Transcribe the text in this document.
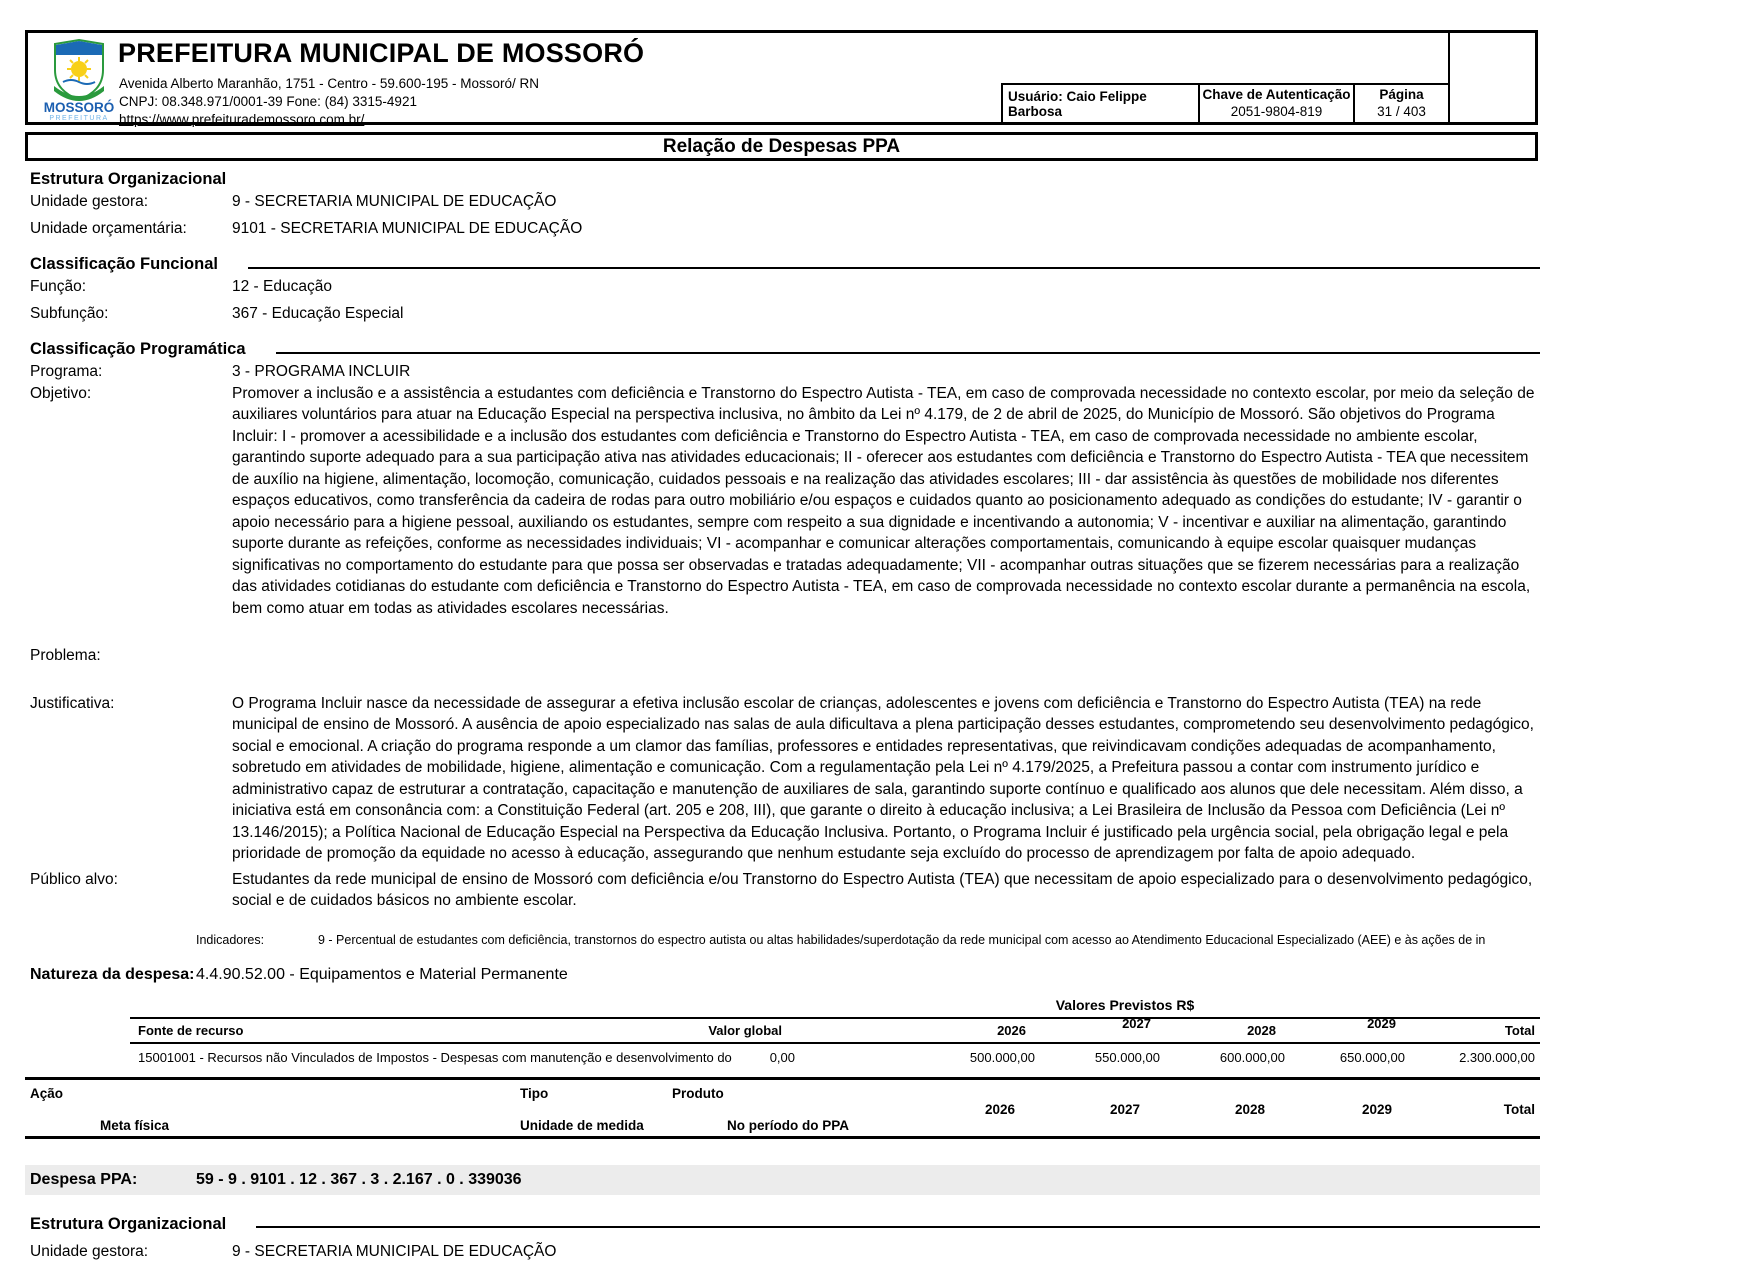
MOSSORÓ
PREFEITURA
PREFEITURA MUNICIPAL DE MOSSORÓ
Avenida Alberto Maranhão, 1751 - Centro - 59.600-195 - Mossoró/ RN
CNPJ: 08.348.971/0001-39 Fone: (84) 3315-4921
https://www.prefeiturademossoro.com.br/
Usuário: Caio Felippe Barbosa
Chave de Autenticação
2051-9804-819
Página
31 / 403
Relação de Despesas PPA
Estrutura Organizacional
Unidade gestora:	9 - SECRETARIA MUNICIPAL DE EDUCAÇÃO
Unidade orçamentária:	9101 - SECRETARIA MUNICIPAL DE EDUCAÇÃO
Classificação Funcional
Função:	12 - Educação
Subfunção:	367 - Educação Especial
Classificação Programática
Programa:	3 - PROGRAMA INCLUIR
Objetivo:	Promover a inclusão e a assistência a estudantes com deficiência e Transtorno do Espectro Autista - TEA, em caso de comprovada necessidade no contexto escolar, por meio da seleção de auxiliares voluntários para atuar na Educação Especial na perspectiva inclusiva, no âmbito da Lei nº 4.179, de 2 de abril de 2025, do Município de Mossoró. São objetivos do Programa Incluir: I - promover a acessibilidade e a inclusão dos estudantes com deficiência e Transtorno do Espectro Autista - TEA, em caso de comprovada necessidade no ambiente escolar, garantindo suporte adequado para a sua participação ativa nas atividades educacionais; II - oferecer aos estudantes com deficiência e Transtorno do Espectro Autista - TEA que necessitem de auxílio na higiene, alimentação, locomoção, comunicação, cuidados pessoais e na realização das atividades escolares; III - dar assistência às questões de mobilidade nos diferentes espaços educativos, como transferência da cadeira de rodas para outro mobiliário e/ou espaços e cuidados quanto ao posicionamento adequado as condições do estudante; IV - garantir o apoio necessário para a higiene pessoal, auxiliando os estudantes, sempre com respeito a sua dignidade e incentivando a autonomia; V - incentivar e auxiliar na alimentação, garantindo suporte durante as refeições, conforme as necessidades individuais; VI - acompanhar e comunicar alterações comportamentais, comunicando à equipe escolar quaisquer mudanças significativas no comportamento do estudante para que possa ser observadas e tratadas adequadamente; VII - acompanhar outras situações que se fizerem necessárias para a realização das atividades cotidianas do estudante com deficiência e Transtorno do Espectro Autista - TEA, em caso de comprovada necessidade no contexto escolar durante a permanência na escola, bem como atuar em todas as atividades escolares necessárias.
Problema:
Justificativa:	O Programa Incluir nasce da necessidade de assegurar a efetiva inclusão escolar de crianças, adolescentes e jovens com deficiência e Transtorno do Espectro Autista (TEA) na rede municipal de ensino de Mossoró. A ausência de apoio especializado nas salas de aula dificultava a plena participação desses estudantes, comprometendo seu desenvolvimento pedagógico, social e emocional. A criação do programa responde a um clamor das famílias, professores e entidades representativas, que reivindicavam condições adequadas de acompanhamento, sobretudo em atividades de mobilidade, higiene, alimentação e comunicação. Com a regulamentação pela Lei nº 4.179/2025, a Prefeitura passou a contar com instrumento jurídico e administrativo capaz de estruturar a contratação, capacitação e manutenção de auxiliares de sala, garantindo suporte contínuo e qualificado aos alunos que dele necessitam. Além disso, a iniciativa está em consonância com: a Constituição Federal (art. 205 e 208, III), que garante o direito à educação inclusiva; a Lei Brasileira de Inclusão da Pessoa com Deficiência (Lei nº 13.146/2015); a Política Nacional de Educação Especial na Perspectiva da Educação Inclusiva. Portanto, o Programa Incluir é justificado pela urgência social, pela obrigação legal e pela prioridade de promoção da equidade no acesso à educação, assegurando que nenhum estudante seja excluído do processo de aprendizagem por falta de apoio adequado.
Público alvo:	Estudantes da rede municipal de ensino de Mossoró com deficiência e/ou Transtorno do Espectro Autista (TEA) que necessitam de apoio especializado para o desenvolvimento pedagógico, social e de cuidados básicos no ambiente escolar.
Indicadores:	9 - Percentual de estudantes com deficiência, transtornos do espectro autista ou altas habilidades/superdotação da rede municipal com acesso ao Atendimento Educacional Especializado (AEE) e às ações de in
Natureza da despesa: 4.4.90.52.00 - Equipamentos e Material Permanente
Valores Previstos R$
Fonte de recurso	Valor global	2026	2027	2028	2029	Total
15001001 - Recursos não Vinculados de Impostos - Despesas com manutenção e desenvolvimento do	0,00	500.000,00	550.000,00	600.000,00	650.000,00	2.300.000,00
Ação	Tipo	Produto
2026	2027	2028	2029	Total
Meta física	Unidade de medida	No período do PPA
Despesa PPA:	59 - 9 . 9101 . 12 . 367 . 3 . 2.167 . 0 . 339036
Estrutura Organizacional
Unidade gestora:	9 - SECRETARIA MUNICIPAL DE EDUCAÇÃO
